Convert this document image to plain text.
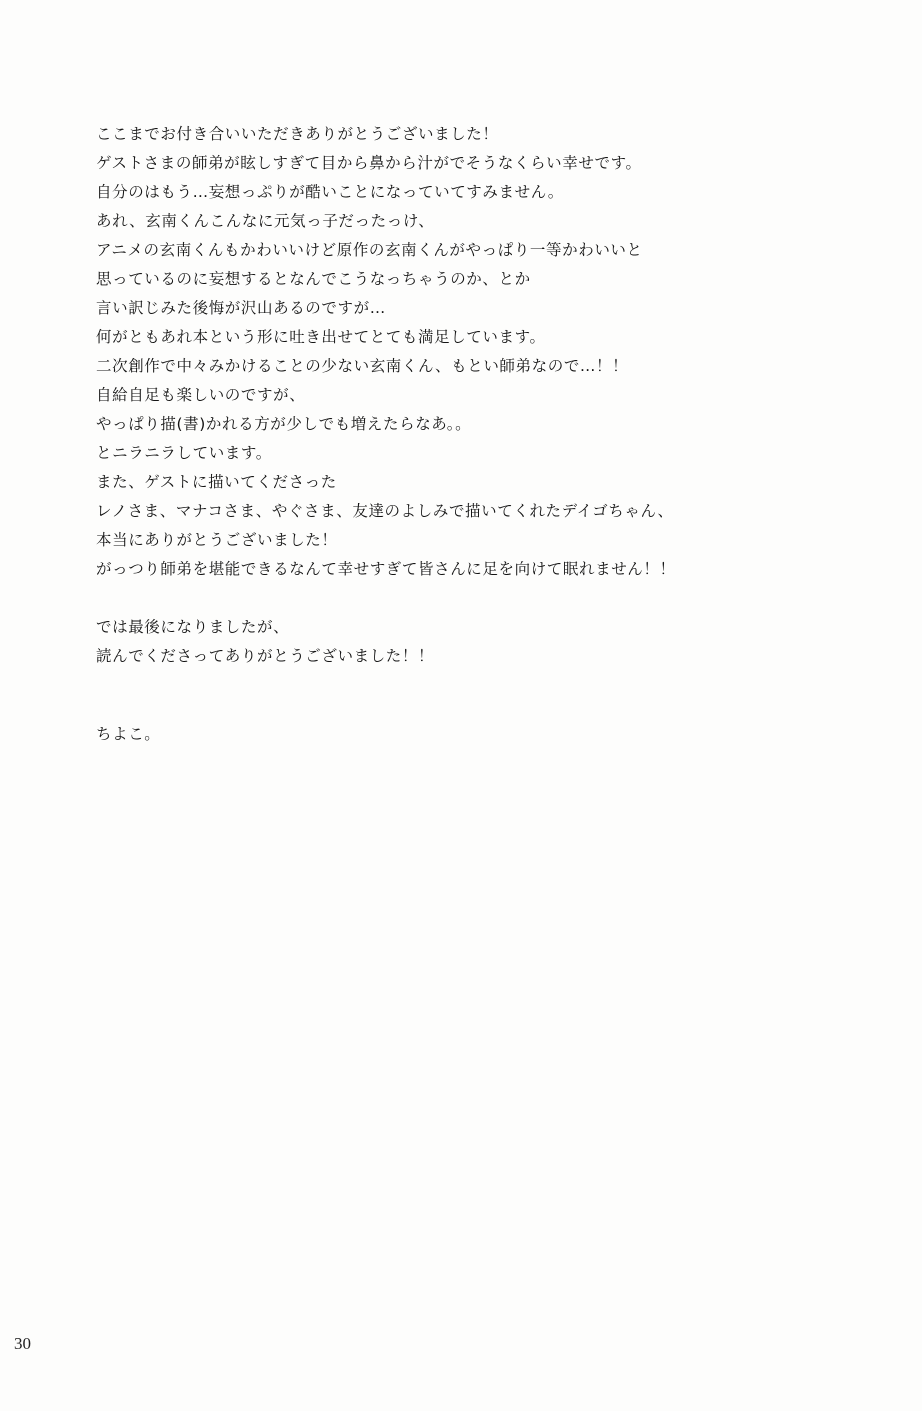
ここまでお付き合いいただきありがとうございました！
ゲストさまの師弟が眩しすぎて目から鼻から汁がでそうなくらい幸せです。
自分のはもう…妄想っぷりが酷いことになっていてすみません。
あれ、玄南くんこんなに元気っ子だったっけ、
アニメの玄南くんもかわいいけど原作の玄南くんがやっぱり一等かわいいと
思っているのに妄想するとなんでこうなっちゃうのか、とか
言い訳じみた後悔が沢山あるのですが…
何がともあれ本という形に吐き出せてとても満足しています。
二次創作で中々みかけることの少ない玄南くん、もとい師弟なので…！！
自給自足も楽しいのですが、
やっぱり描(書)かれる方が少しでも増えたらなあ。。
とニラニラしています。
また、ゲストに描いてくださった
レノさま、マナコさま、やぐさま、友達のよしみで描いてくれたデイゴちゃん、
本当にありがとうございました！
がっつり師弟を堪能できるなんて幸せすぎて皆さんに足を向けて眠れません！！
では最後になりましたが、
読んでくださってありがとうございました！！
ちよこ。
30
